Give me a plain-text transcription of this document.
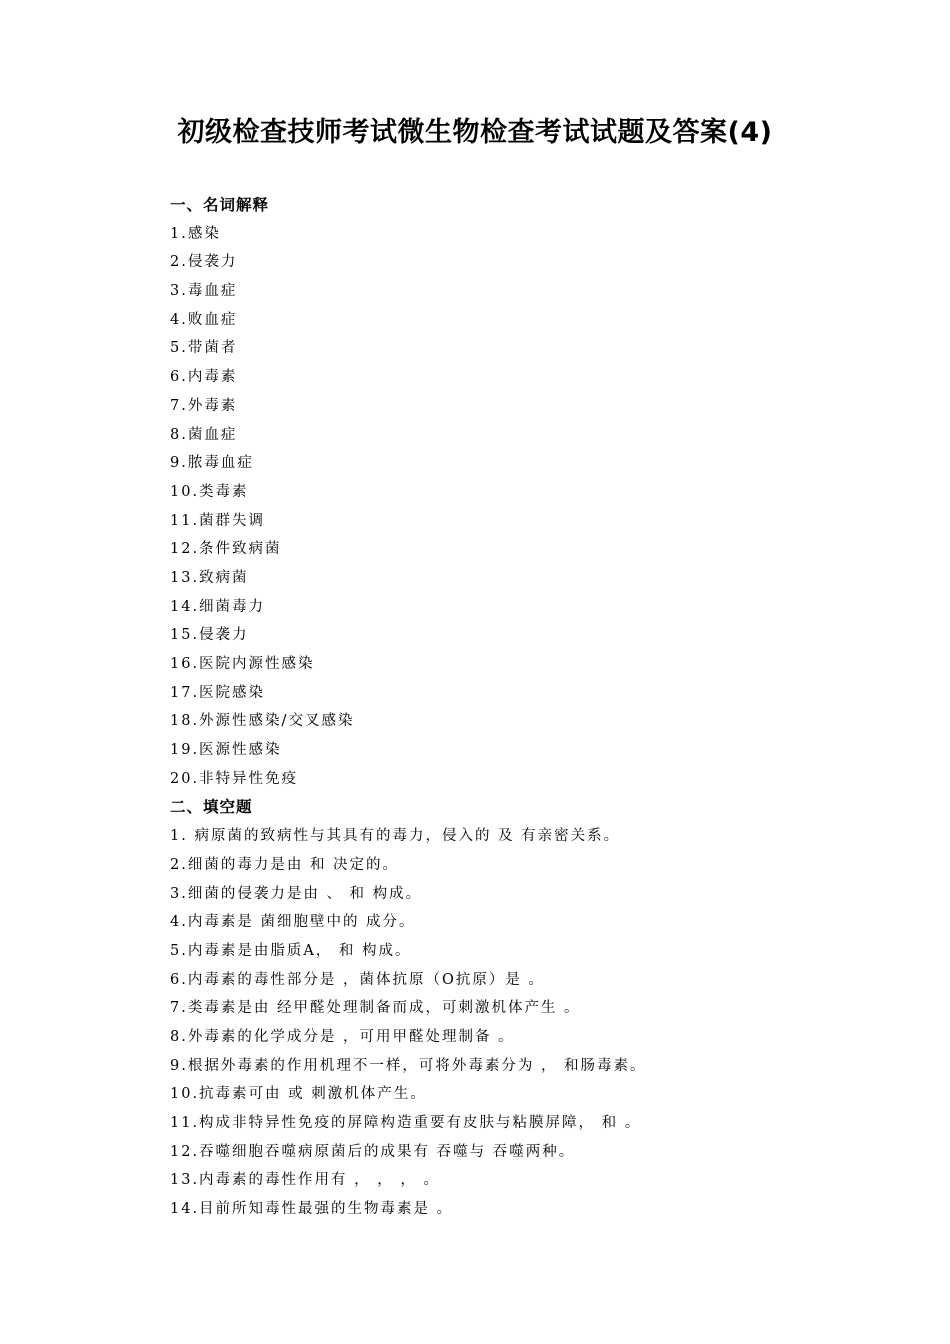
初级检查技师考试微生物检查考试试题及答案(4)
一、名词解释
1.感染
2.侵袭力
3.毒血症
4.败血症
5.带菌者
6.内毒素
7.外毒素
8.菌血症
9.脓毒血症
10.类毒素
11.菌群失调
12.条件致病菌
13.致病菌
14.细菌毒力
15.侵袭力
16.医院内源性感染
17.医院感染
18.外源性感染/交叉感染
19.医源性感染
20.非特异性免疫
二、填空题
1. 病原菌的致病性与其具有的毒力，侵入的 及 有亲密关系。
2.细菌的毒力是由 和 决定的。
3.细菌的侵袭力是由 、 和 构成。
4.内毒素是 菌细胞壁中的 成分。
5.内毒素是由脂质A， 和 构成。
6.内毒素的毒性部分是 ，菌体抗原（O抗原）是 。
7.类毒素是由 经甲醛处理制备而成，可刺激机体产生 。
8.外毒素的化学成分是 ，可用甲醛处理制备 。
9.根据外毒素的作用机理不一样，可将外毒素分为 ， 和肠毒素。
10.抗毒素可由 或 刺激机体产生。
11.构成非特异性免疫的屏障构造重要有皮肤与粘膜屏障， 和 。
12.吞噬细胞吞噬病原菌后的成果有 吞噬与 吞噬两种。
13.内毒素的毒性作用有 ， ， ， 。
14.目前所知毒性最强的生物毒素是 。
